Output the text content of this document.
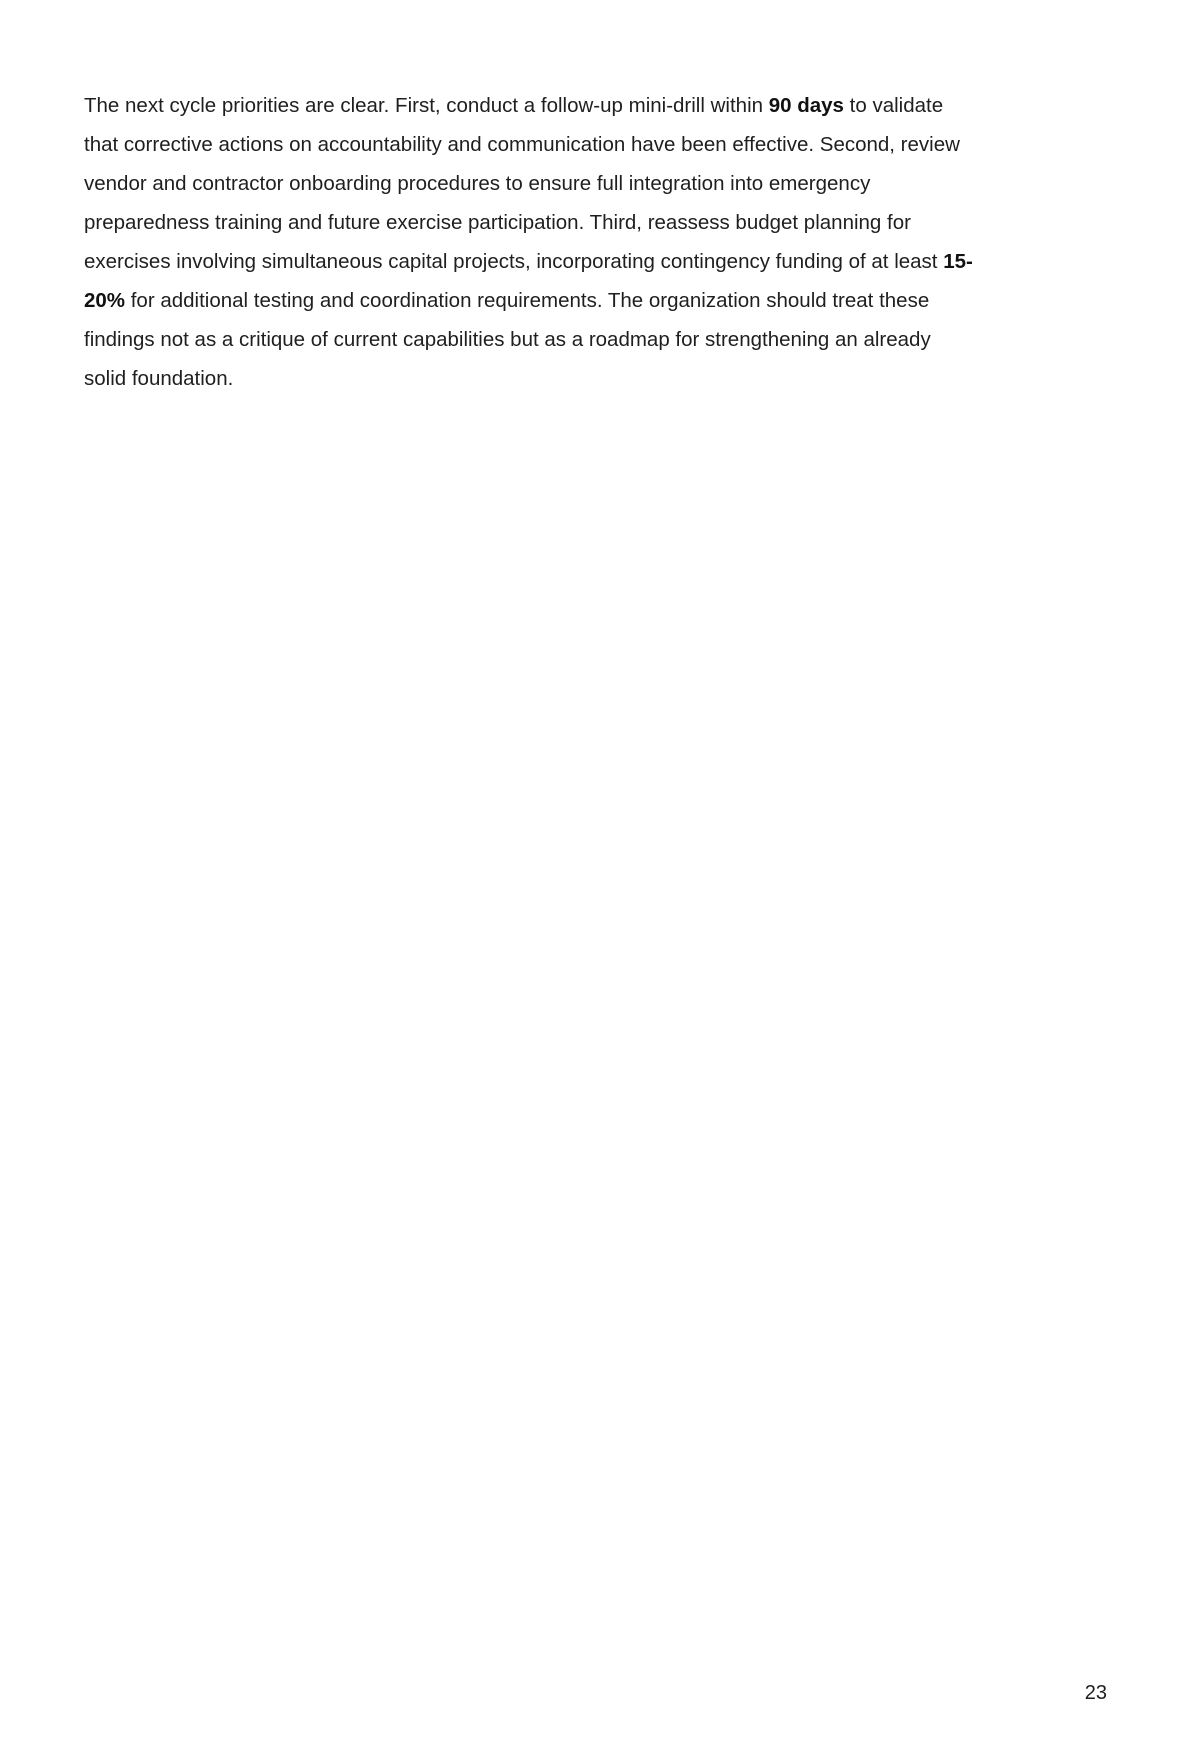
The next cycle priorities are clear. First, conduct a follow-up mini-drill within 90 days to validate
that corrective actions on accountability and communication have been effective. Second, review
vendor and contractor onboarding procedures to ensure full integration into emergency
preparedness training and future exercise participation. Third, reassess budget planning for
exercises involving simultaneous capital projects, incorporating contingency funding of at least 15-
20% for additional testing and coordination requirements. The organization should treat these
findings not as a critique of current capabilities but as a roadmap for strengthening an already
solid foundation.

23
